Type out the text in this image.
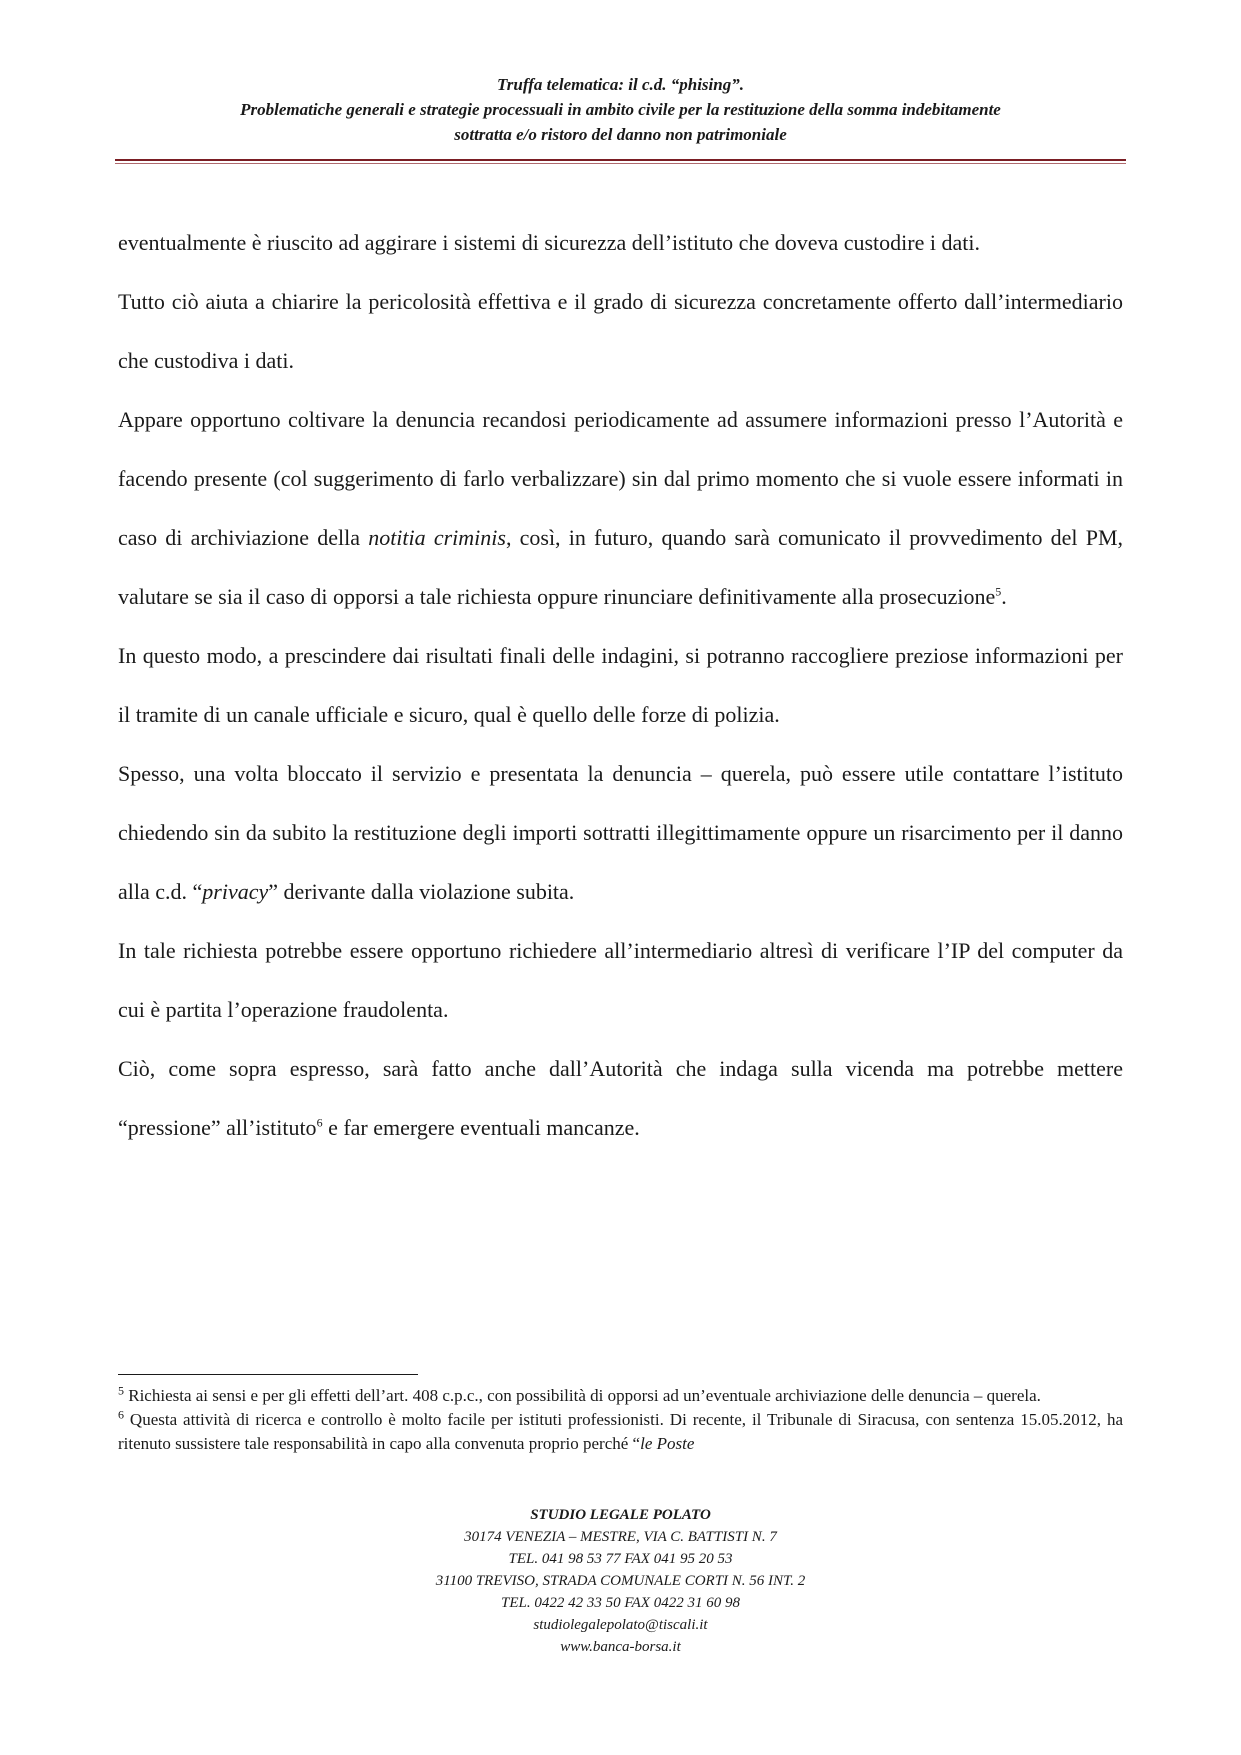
Truffa telematica: il c.d. “phising”.
Problematiche generali e strategie processuali in ambito civile per la restituzione della somma indebitamente
sottratta e/o ristoro del danno non patrimoniale

eventualmente è riuscito ad aggirare i sistemi di sicurezza dell’istituto che doveva custodire i dati.

Tutto ciò aiuta a chiarire la pericolosità effettiva e il grado di sicurezza concretamente offerto dall’intermediario che custodiva i dati.

Appare opportuno coltivare la denuncia recandosi periodicamente ad assumere informazioni presso l’Autorità e facendo presente (col suggerimento di farlo verbalizzare) sin dal primo momento che si vuole essere informati in caso di archiviazione della notitia criminis, così, in futuro, quando sarà comunicato il provvedimento del PM, valutare se sia il caso di opporsi a tale richiesta oppure rinunciare definitivamente alla prosecuzione$^5$.

In questo modo, a prescindere dai risultati finali delle indagini, si potranno raccogliere preziose informazioni per il tramite di un canale ufficiale e sicuro, qual è quello delle forze di polizia.

Spesso, una volta bloccato il servizio e presentata la denuncia – querela, può essere utile contattare l’istituto chiedendo sin da subito la restituzione degli importi sottratti illegittimamente oppure un risarcimento per il danno alla c.d. “privacy” derivante dalla violazione subita.

In tale richiesta potrebbe essere opportuno richiedere all’intermediario altresì di verificare l’IP del computer da cui è partita l’operazione fraudolenta.

Ciò, come sopra espresso, sarà fatto anche dall’Autorità che indaga sulla vicenda ma potrebbe mettere “pressione” all’istituto$^6$ e far emergere eventuali mancanze.

$^5$ Richiesta ai sensi e per gli effetti dell’art. 408 c.p.c., con possibilità di opporsi ad un’eventuale archiviazione delle denuncia – querela.

$^6$ Questa attività di ricerca e controllo è molto facile per istituti professionisti. Di recente, il Tribunale di Siracusa, con sentenza 15.05.2012, ha ritenuto sussistere tale responsabilità in capo alla convenuta proprio perché “le Poste

STUDIO LEGALE POLATO
30174 VENEZIA – MESTRE, VIA C. BATTISTI N. 7
TEL. 041 98 53 77 FAX 041 95 20 53
31100 TREVISO, STRADA COMUNALE CORTI N. 56 INT. 2
TEL. 0422 42 33 50 FAX 0422 31 60 98
studiolegalepolato@tiscali.it
www.banca-borsa.it
